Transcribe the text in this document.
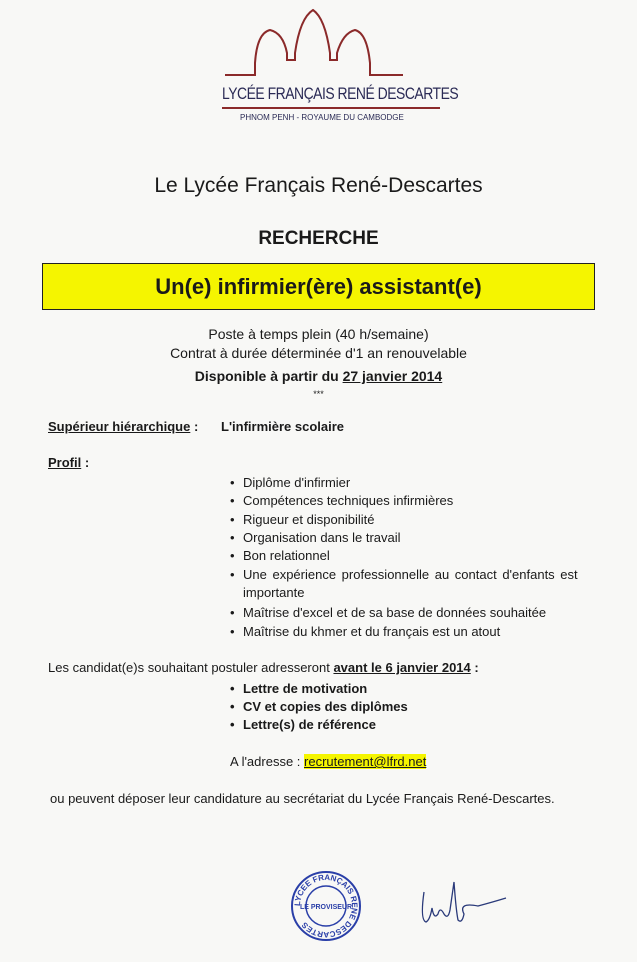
LYCÉE FRANÇAIS RENÉ DESCARTES
PHNOM PENH - ROYAUME DU CAMBODGE
Le Lycée Français René-Descartes
RECHERCHE
Un(e) infirmier(ère) assistant(e)
Poste à temps plein (40 h/semaine)
Contrat à durée déterminée d'1 an renouvelable
Disponible à partir du 27 janvier 2014
***
Supérieur hiérarchique : L'infirmière scolaire
Profil :
• Diplôme d'infirmier
• Compétences techniques infirmières
• Rigueur et disponibilité
• Organisation dans le travail
• Bon relationnel
• Une expérience professionnelle au contact d'enfants est
importante
• Maîtrise d'excel et de sa base de données souhaitée
• Maîtrise du khmer et du français est un atout
Les candidat(e)s souhaitant postuler adresseront avant le 6 janvier 2014 :
• Lettre de motivation
• CV et copies des diplômes
• Lettre(s) de référence
A l'adresse : recrutement@lfrd.net
ou peuvent déposer leur candidature au secrétariat du Lycée Français René-Descartes.
LYCEE FRANÇAIS RENE DESCARTES
LE PROVISEUR
